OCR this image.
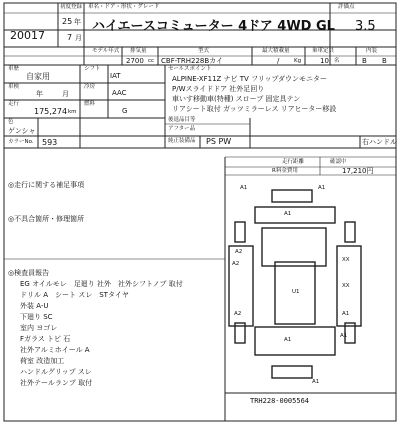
初度登録 車名・ドア・形状・グレード	評価点
20017
25 年
7 月
ハイエースコミューター 4ドア 4WD GL 3.5
モデル年式 排気量	型式	最大積載量	乗車定員	内装
2700 cc CBF-TRH228Bカイ	/	Kg	10 名	B B
車歴
自家用
シフト
IAT
車検
年	月
冷房
AAC
走行
175,274 km
燃料
G
色
ゲンシャ
カラーNo. 593
後退品目等
アフター品
純正装備品 PS PW	右ハンドル
セールスポイント
ALPINE-XF11Z ナビ TV フリップダウンモニター
P/Wスライドドア 社外足回り
車いす移動車(特種) スロープ 固定具テン
リアシート取付 ガッツミラーレス リアヒーター移設
走行距離	確認中
R料金費用	17,210円
◎走行に関する補足事項
◎不具合箇所・修理箇所
◎検査員報告
EG オイルモレ　足廻り 社外　社外シフトノブ 取付
ドリル A　シート スレ　STタイヤ
外装 A-U
下廻り SC
室内 ヨゴレ
Fガラス トビ 石
社外アルミホイール A
荷室 改造加工
ハンドルグリップ スレ
社外テールランプ 取付
A1	A1
A1
A2
A2
XX
U1
XX
A2	A1
A1
A1
A1
TRH228-0005564
